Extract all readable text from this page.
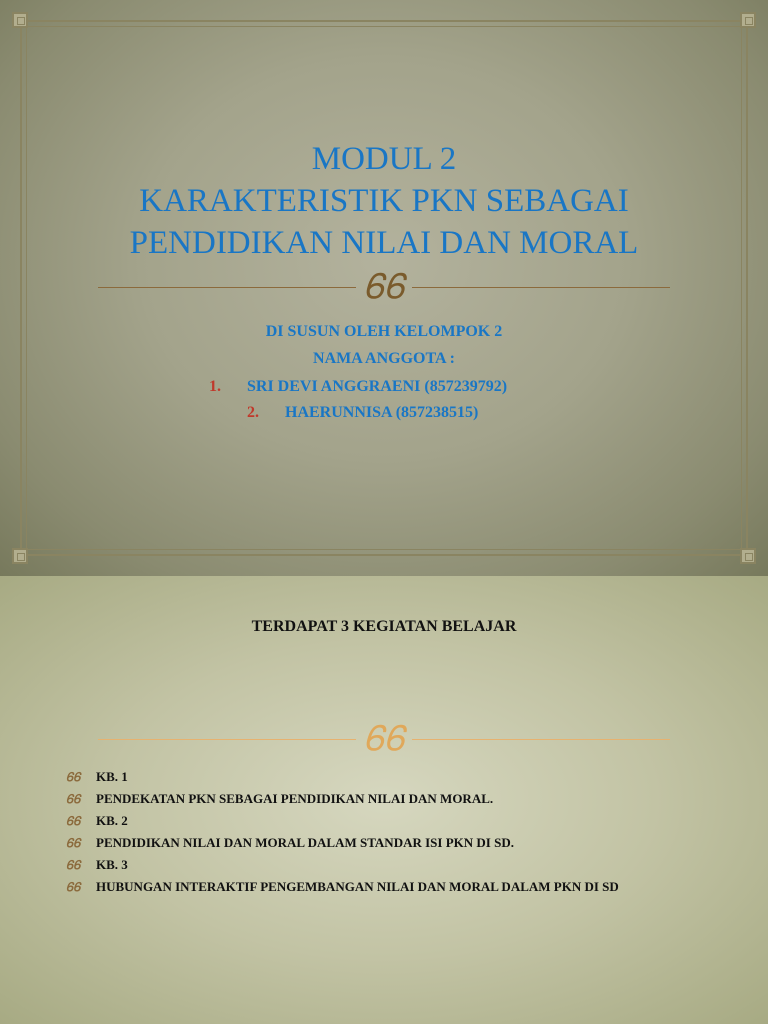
MODUL 2
KARAKTERISTIK PKN SEBAGAI
PENDIDIKAN NILAI DAN MORAL
ᏮᏮ
DI SUSUN OLEH KELOMPOK 2
NAMA ANGGOTA :
1. SRI DEVI ANGGRAENI (857239792)
2. HAERUNNISA (857238515)
TERDAPAT 3 KEGIATAN BELAJAR
ᏮᏮ
ᏮᏮ KB. 1
ᏮᏮ PENDEKATAN PKN SEBAGAI PENDIDIKAN NILAI DAN MORAL.
ᏮᏮ KB. 2
ᏮᏮ PENDIDIKAN NILAI DAN MORAL DALAM STANDAR ISI PKN DI SD.
ᏮᏮ KB. 3
ᏮᏮ HUBUNGAN INTERAKTIF PENGEMBANGAN NILAI DAN MORAL DALAM PKN DI SD
